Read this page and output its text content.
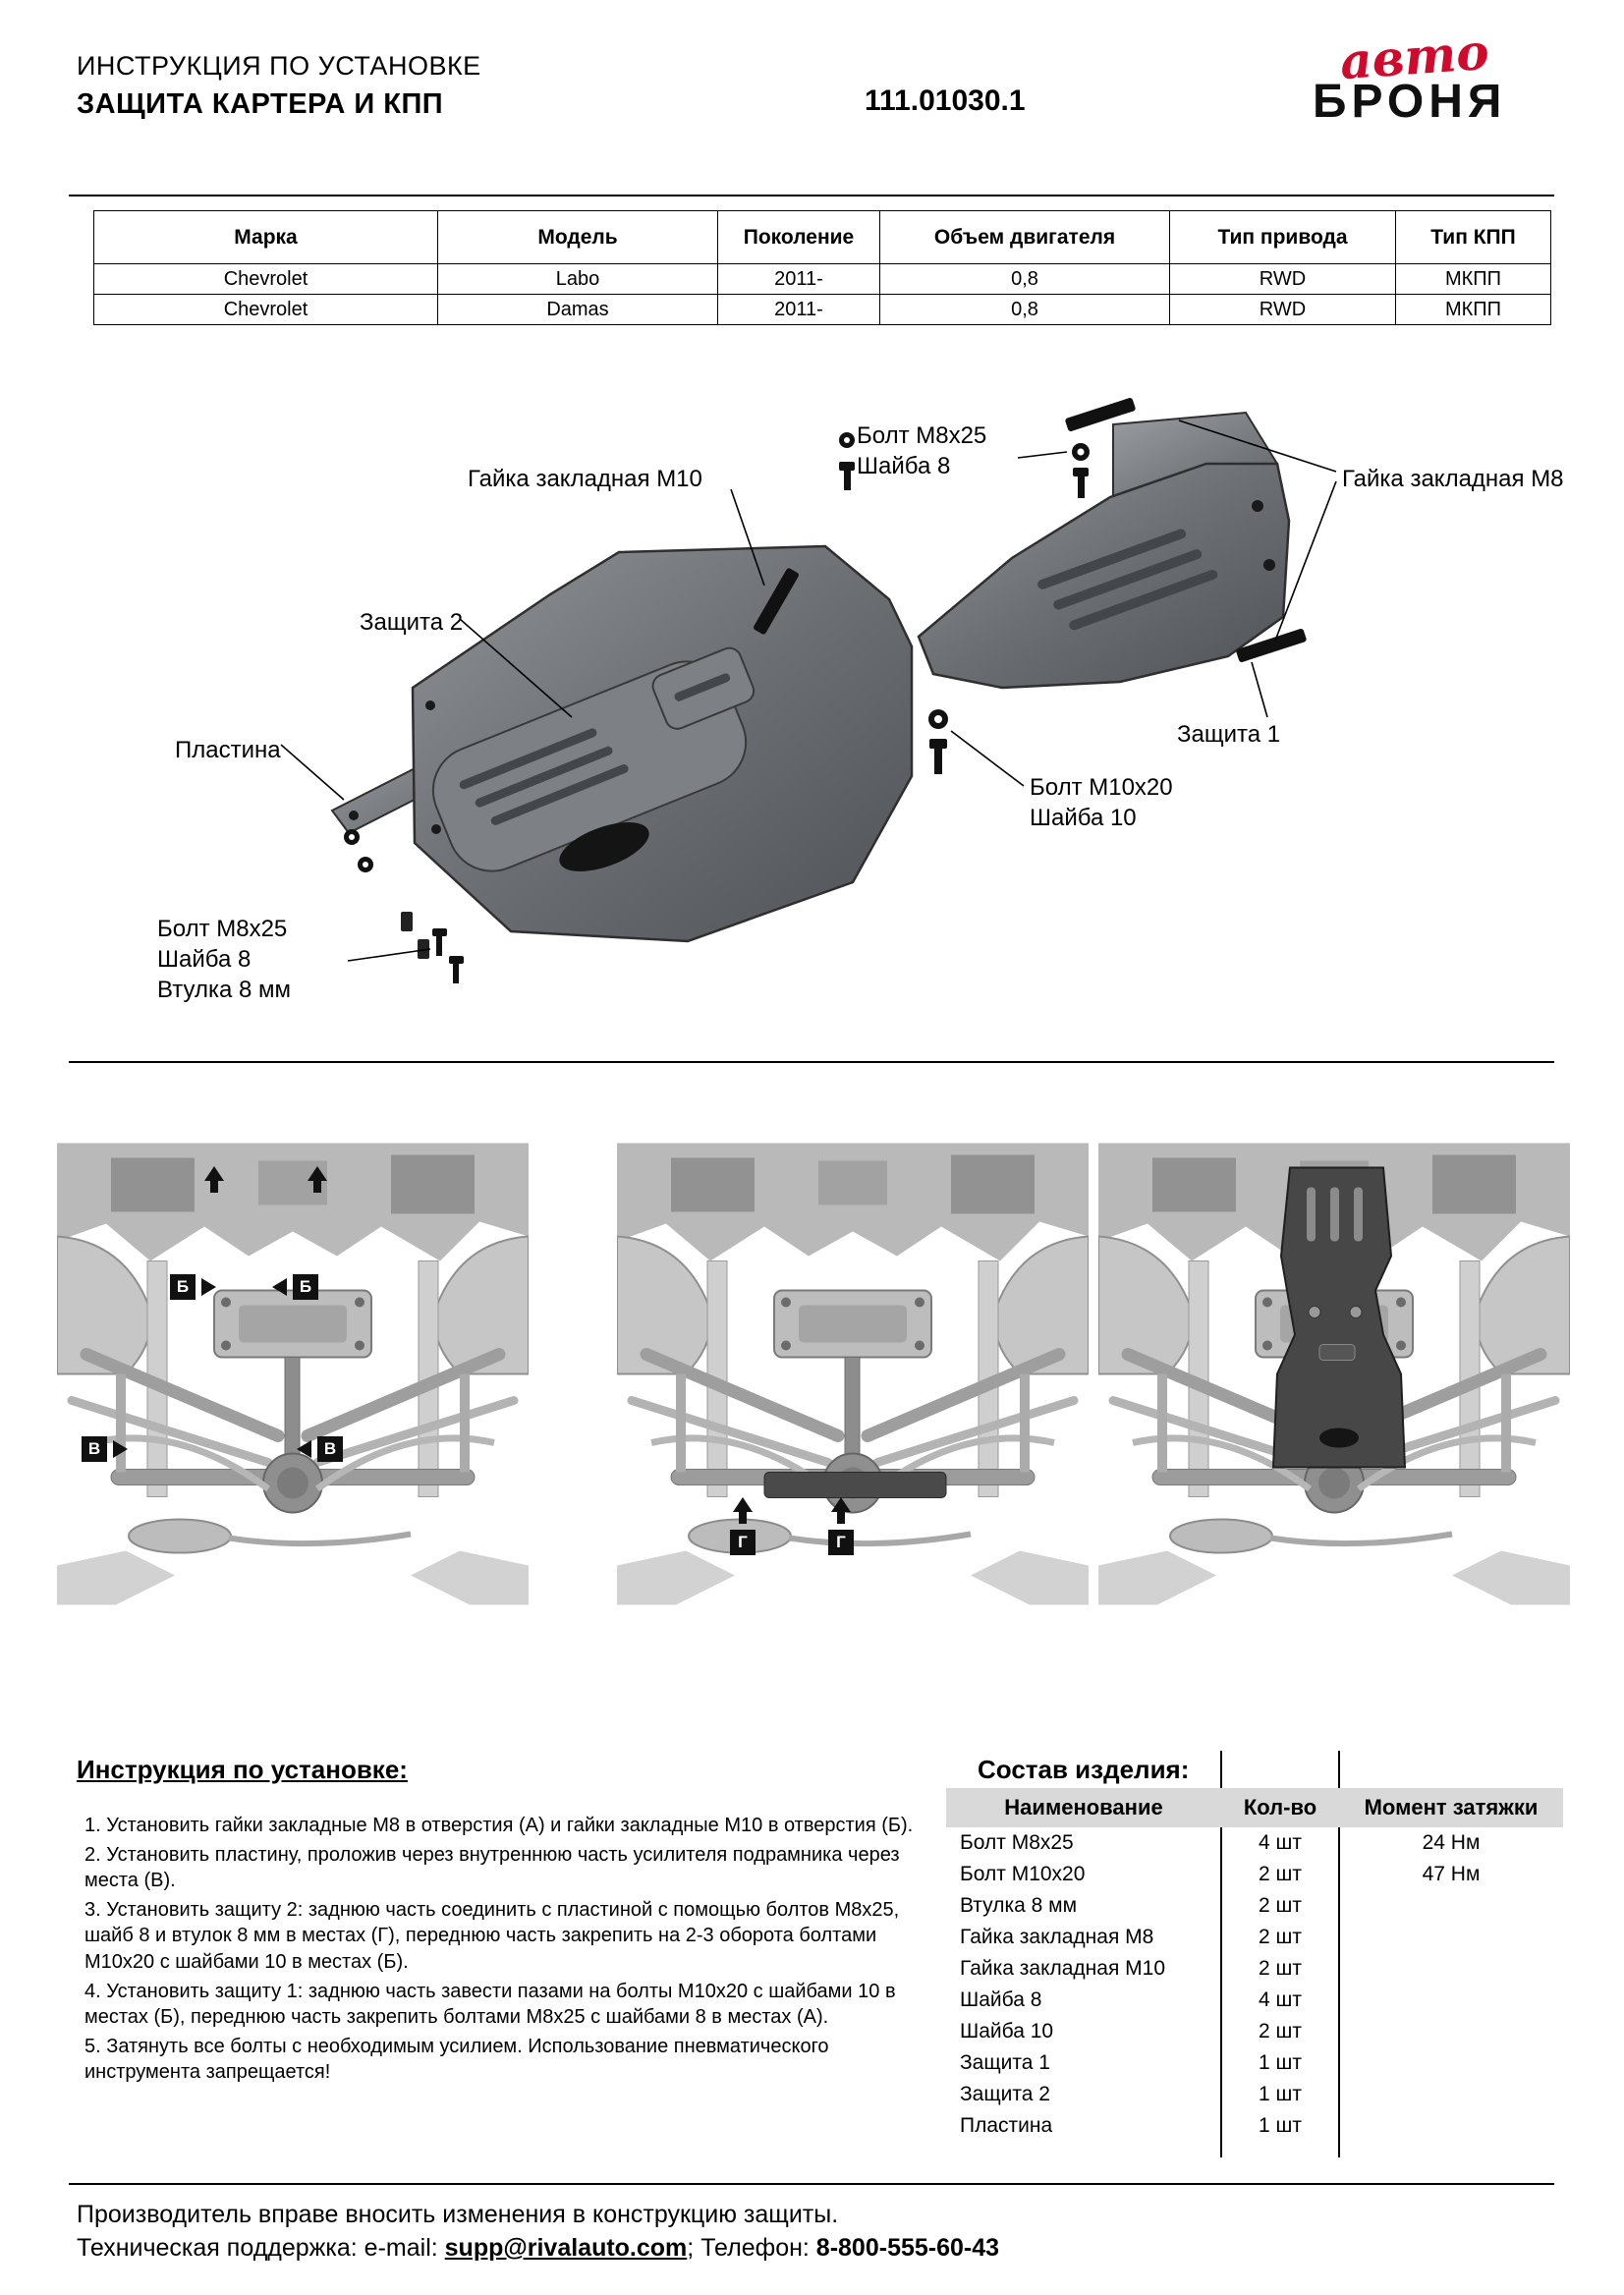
ИНСТРУКЦИЯ ПО УСТАНОВКЕ
ЗАЩИТА КАРТЕРА И КПП	111.01030.1
авто
БРОНЯ
Марка	Модель	Поколение	Объем двигателя	Тип привода	Тип КПП
Chevrolet	Labo	2011-	0,8	RWD	МКПП
Chevrolet	Damas	2011-	0,8	RWD	МКПП
Болт М8х25
Шайба 8
Гайка закладная М10	Гайка закладная М8
Защита 2
Защита 1
Пластина
Болт М10х20
Шайба 10
Болт М8х25
Шайба 8
Втулка 8 мм
Б	Б
В	В
Г	Г
Инструкция по установке:

1. Установить гайки закладные М8 в отверстия (А) и гайки закладные М10 в отверстия (Б).

2. Установить пластину, проложив через внутреннюю часть усилителя подрамника через места (В).

3. Установить защиту 2: заднюю часть соединить с пластиной с помощью болтов М8х25, шайб 8 и втулок 8 мм в местах (Г), переднюю часть закрепить на 2-3 оборота болтами М10х20 с шайбами 10 в местах (Б).

4. Установить защиту 1: заднюю часть завести пазами на болты М10х20 с шайбами 10 в местах (Б), переднюю часть закрепить болтами М8х25 с шайбами 8 в местах (А).

5. Затянуть все болты с необходимым усилием. Использование пневматического инструмента запрещается!

Состав изделия:
Наименование	Кол-во	Момент затяжки
Болт М8х25	4 шт	24 Нм
Болт М10х20	2 шт	47 Нм
Втулка 8 мм	2 шт	
Гайка закладная М8	2 шт	
Гайка закладная М10	2 шт	
Шайба 8	4 шт	
Шайба 10	2 шт	
Защита 1	1 шт	
Защита 2	1 шт	
Пластина	1 шт	
Производитель вправе вносить изменения в конструкцию защиты.
Техническая поддержка: e-mail: supp@rivalauto.com; Телефон: 8-800-555-60-43
